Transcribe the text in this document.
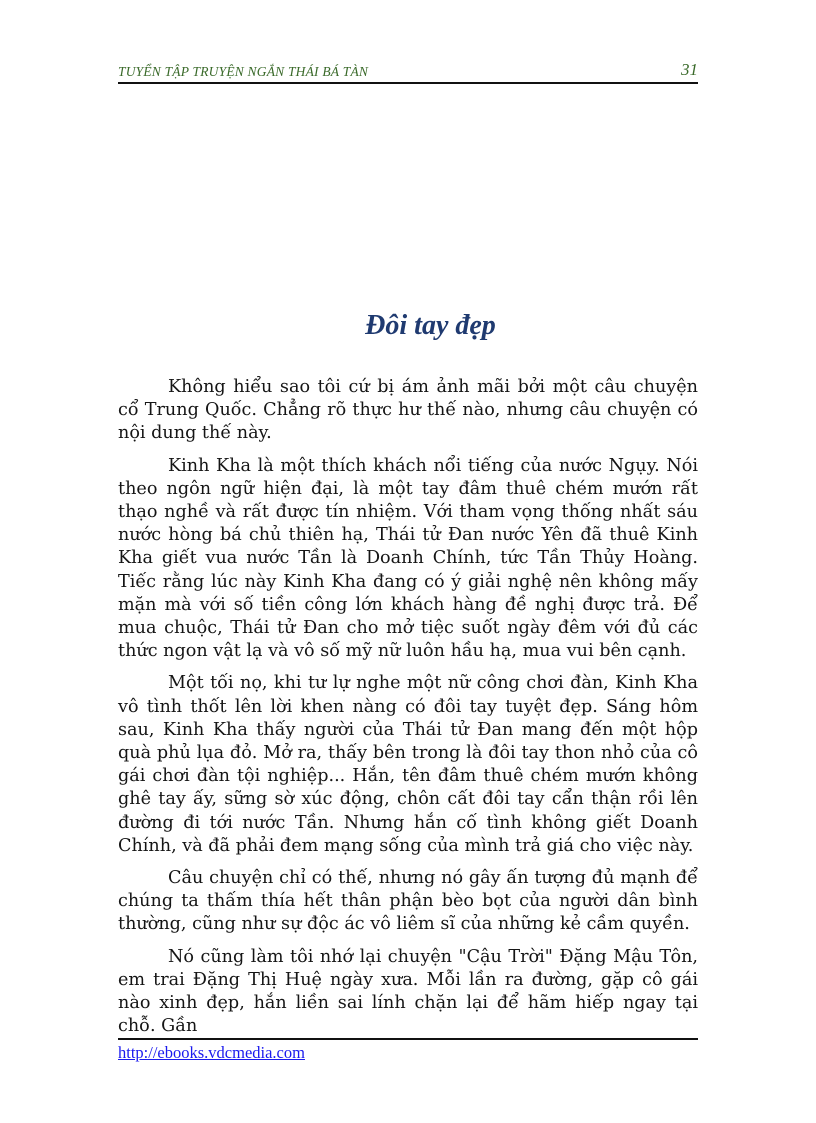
TUYỂN TẬP TRUYỆN NGẮN THÁI BÁ TÀN	31
Đôi tay đẹp

Không hiểu sao tôi cứ bị ám ảnh mãi bởi một câu chuyện cổ Trung Quốc. Chẳng rõ thực hư thế nào, nhưng câu chuyện có nội dung thế này.

Kinh Kha là một thích khách nổi tiếng của nước Ngụy. Nói theo ngôn ngữ hiện đại, là một tay đâm thuê chém mướn rất thạo nghề và rất được tín nhiệm. Với tham vọng thống nhất sáu nước hòng bá chủ thiên hạ, Thái tử Đan nước Yên đã thuê Kinh Kha giết vua nước Tần là Doanh Chính, tức Tần Thủy Hoàng. Tiếc rằng lúc này Kinh Kha đang có ý giải nghệ nên không mấy mặn mà với số tiền công lớn khách hàng đề nghị được trả. Để mua chuộc, Thái tử Đan cho mở tiệc suốt ngày đêm với đủ các thức ngon vật lạ và vô số mỹ nữ luôn hầu hạ, mua vui bên cạnh.

Một tối nọ, khi tư lự nghe một nữ công chơi đàn, Kinh Kha vô tình thốt lên lời khen nàng có đôi tay tuyệt đẹp. Sáng hôm sau, Kinh Kha thấy người của Thái tử Đan mang đến một hộp quà phủ lụa đỏ. Mở ra, thấy bên trong là đôi tay thon nhỏ của cô gái chơi đàn tội nghiệp... Hắn, tên đâm thuê chém mướn không ghê tay ấy, sững sờ xúc động, chôn cất đôi tay cẩn thận rồi lên đường đi tới nước Tần. Nhưng hắn cố tình không giết Doanh Chính, và đã phải đem mạng sống của mình trả giá cho việc này.

Câu chuyện chỉ có thế, nhưng nó gây ấn tượng đủ mạnh để chúng ta thấm thía hết thân phận bèo bọt của người dân bình thường, cũng như sự độc ác vô liêm sĩ của những kẻ cầm quyền.

Nó cũng làm tôi nhớ lại chuyện "Cậu Trời" Đặng Mậu Tôn, em trai Đặng Thị Huệ ngày xưa. Mỗi lần ra đường, gặp cô gái nào xinh đẹp, hắn liền sai lính chặn lại để hãm hiếp ngay tại chỗ. Gần

http://ebooks.vdcmedia.com
